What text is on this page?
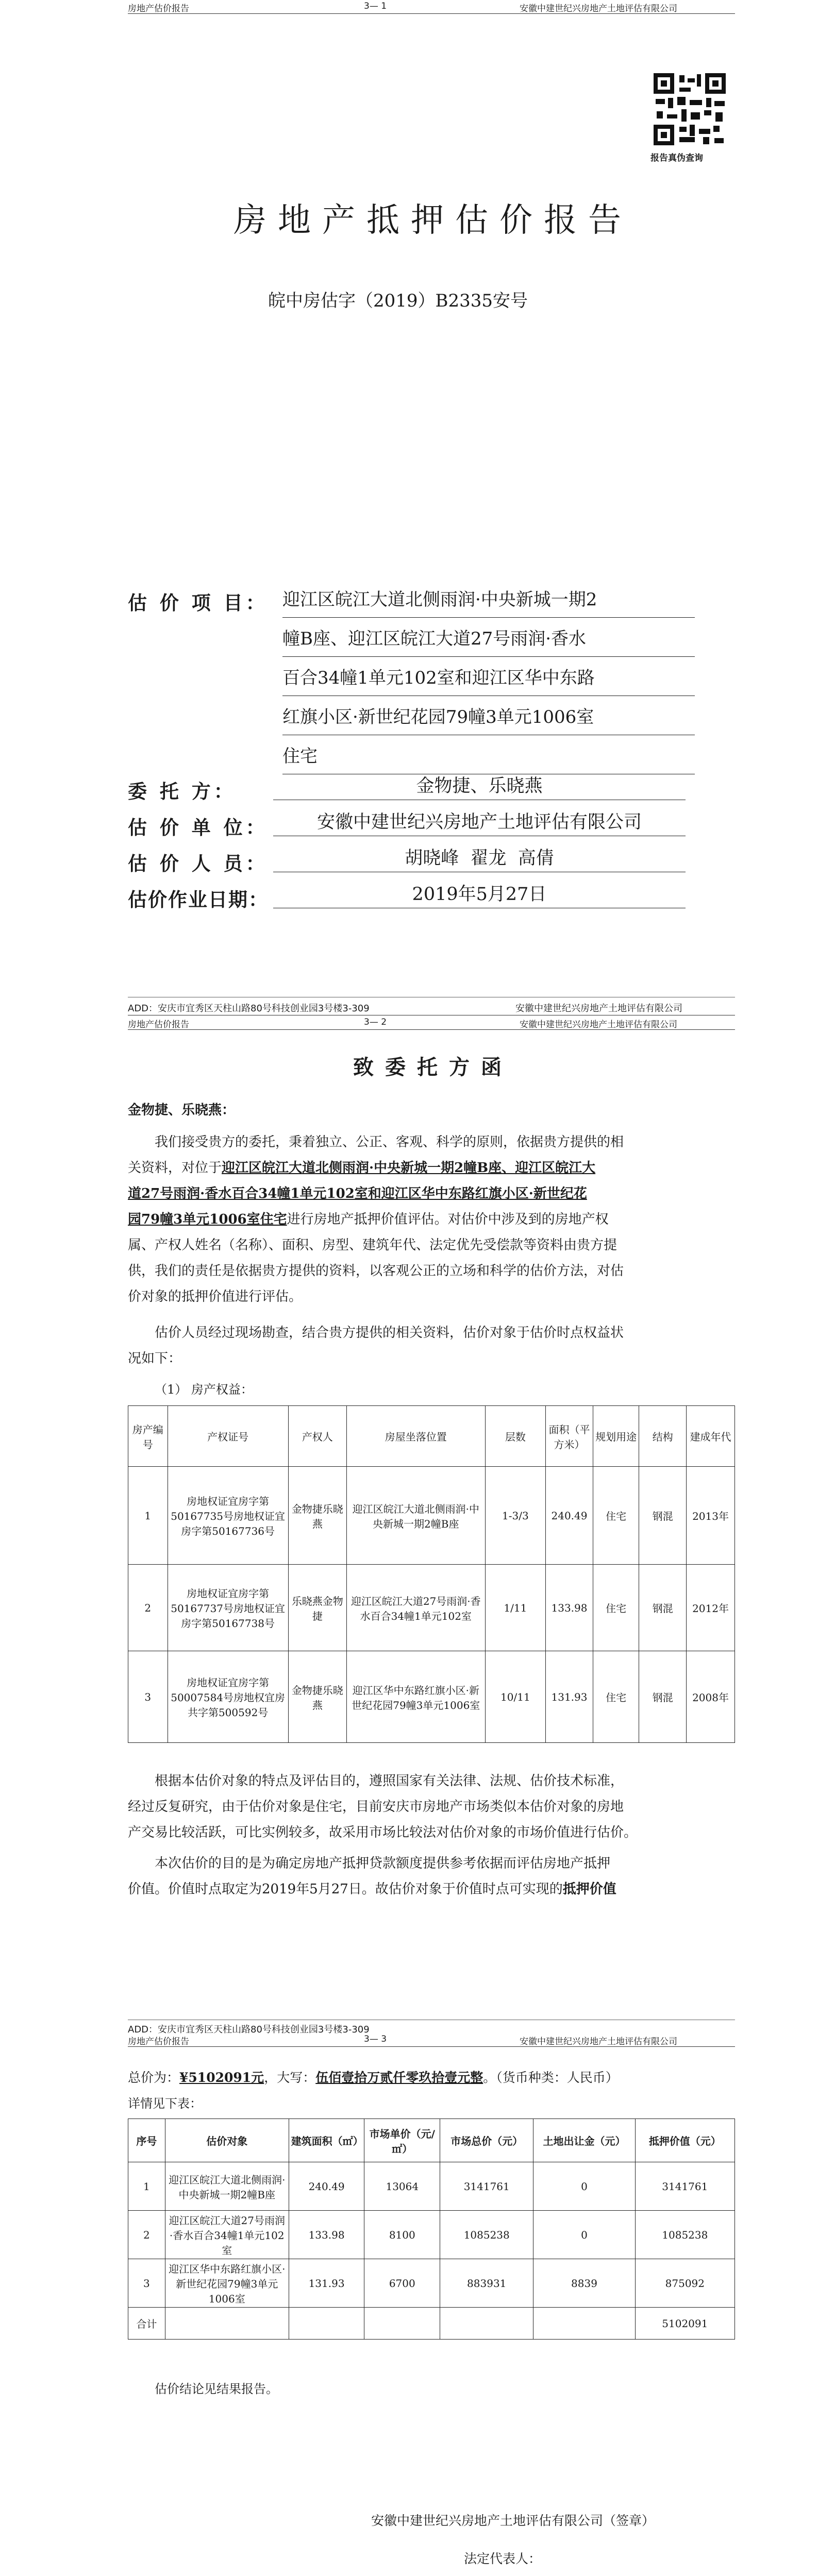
房地产估价报告	3— 1	安徽中建世纪兴房地产土地评估有限公司
报告真伪查询
房地产抵押估价报告
皖中房估字（2019）B2335安号
估 价 项 目： 迎江区皖江大道北侧雨润·中央新城一期2
幢B座、迎江区皖江大道27号雨润·香水
百合34幢1单元102室和迎江区华中东路
红旗小区·新世纪花园79幢3单元1006室
住宅
委 托 方：	金物捷、乐晓燕
估 价 单 位：	安徽中建世纪兴房地产土地评估有限公司
估 价 人 员：	胡晓峰  翟龙  高倩
估价作业日期：	2019年5月27日
ADD：安庆市宜秀区天柱山路80号科技创业园3号楼3-309	安徽中建世纪兴房地产土地评估有限公司
房地产估价报告	3— 2	安徽中建世纪兴房地产土地评估有限公司
致委托方函
金物捷、乐晓燕：
我们接受贵方的委托，秉着独立、公正、客观、科学的原则，依据贵方提供的相
关资料，对位于迎江区皖江大道北侧雨润·中央新城一期2幢B座、迎江区皖江大
道27号雨润·香水百合34幢1单元102室和迎江区华中东路红旗小区·新世纪花
园79幢3单元1006室住宅进行房地产抵押价值评估。对估价中涉及到的房地产权
属、产权人姓名（名称）、面积、房型、建筑年代、法定优先受偿款等资料由贵方提
供，我们的责任是依据贵方提供的资料，以客观公正的立场和科学的估价方法，对估
价对象的抵押价值进行评估。
估价人员经过现场勘查，结合贵方提供的相关资料，估价对象于估价时点权益状
况如下：
（1） 房产权益：
房产编号	产权证号	产权人	房屋坐落位置	层数	面积（平方米）	规划用途	结构	建成年代
1	房地权证宜房字第50167735号房地权证宜房字第50167736号	金物捷乐晓燕	迎江区皖江大道北侧雨润·中央新城一期2幢B座	1-3/3	240.49	住宅	钢混	2013年
2	房地权证宜房字第50167737号房地权证宜房字第50167738号	乐晓燕金物捷	迎江区皖江大道27号雨润·香水百合34幢1单元102室	1/11	133.98	住宅	钢混	2012年
3	房地权证宜房字第50007584号房地权宜房共字第500592号	金物捷乐晓燕	迎江区华中东路红旗小区·新世纪花园79幢3单元1006室	10/11	131.93	住宅	钢混	2008年
根据本估价对象的特点及评估目的，遵照国家有关法律、法规、估价技术标准，
经过反复研究，由于估价对象是住宅，目前安庆市房地产市场类似本估价对象的房地
产交易比较活跃，可比实例较多，故采用市场比较法对估价对象的市场价值进行估价。
本次估价的目的是为确定房地产抵押贷款额度提供参考依据而评估房地产抵押
价值。价值时点取定为2019年5月27日。故估价对象于价值时点可实现的抵押价值
ADD：安庆市宜秀区天柱山路80号科技创业园3号楼3-309
房地产估价报告	3— 3	安徽中建世纪兴房地产土地评估有限公司
总价为：¥5102091元，大写：伍佰壹拾万贰仟零玖拾壹元整。（货币种类：人民币）
详情见下表：
序号	估价对象	建筑面积（㎡）	市场单价（元/㎡）	市场总价（元）	土地出让金（元）	抵押价值（元）
1	迎江区皖江大道北侧雨润·中央新城一期2幢B座	240.49	13064	3141761	0	3141761
2	迎江区皖江大道27号雨润·香水百合34幢1单元102室	133.98	8100	1085238	0	1085238
3	迎江区华中东路红旗小区·新世纪花园79幢3单元1006室	131.93	6700	883931	8839	875092
合计						5102091
估价结论见结果报告。
安徽中建世纪兴房地产土地评估有限公司（签章）
法定代表人：
